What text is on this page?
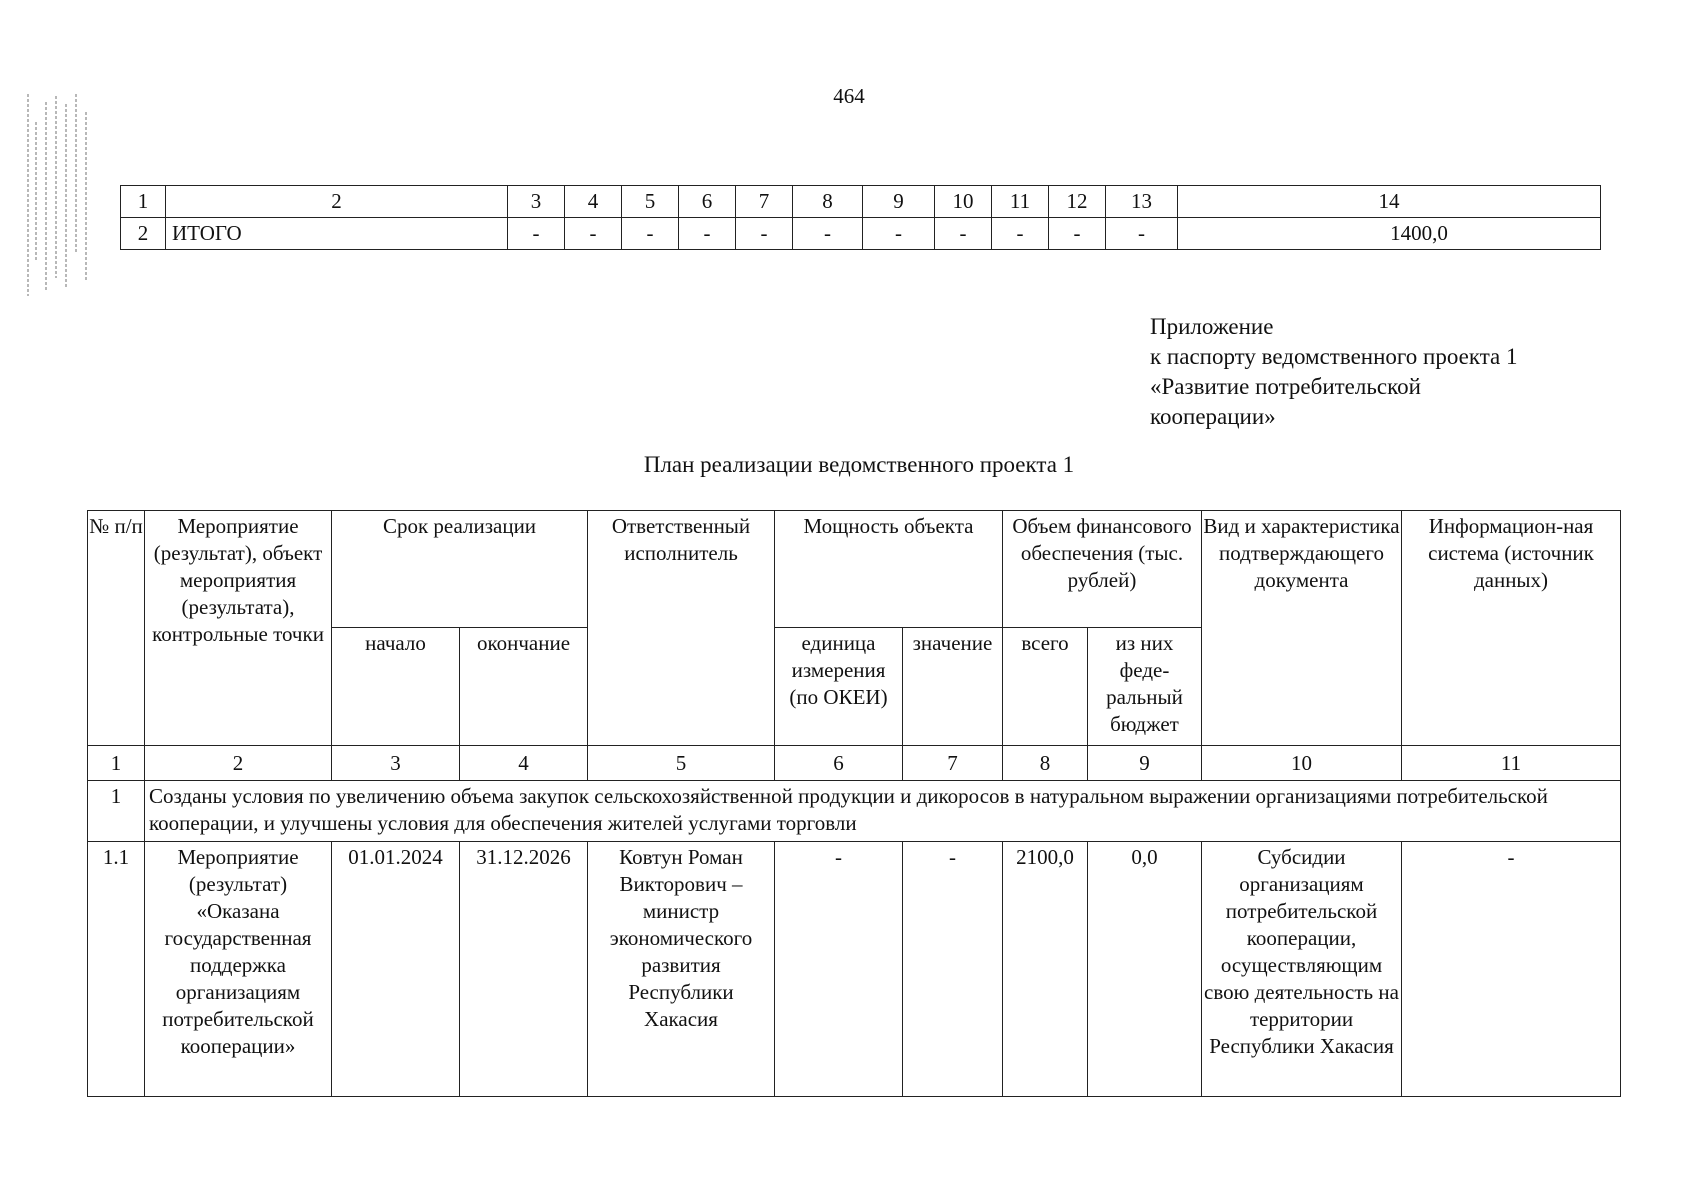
464
1	2	3	4	5	6	7	8	9	10	11	12	13	14
2	ИТОГО	-	-	-	-	-	-	-	-	-	-	-	1400,0
Приложение
к паспорту ведомственного проекта 1
«Развитие потребительской
кооперации»
План реализации ведомственного проекта 1
№ п/п	Мероприятие (результат), объект мероприятия (результата), контрольные точки	Срок реализации		Ответственный исполнитель	Мощность объекта		Объем финансового обеспечения (тыс. рублей)		Вид и характеристика подтверждающего документа	Информацион-ная система (источник данных)
		начало	окончание		единица измерения (по ОКЕИ)	значение	всего	из них феде-ральный бюджет		
1	2	3	4	5	6	7	8	9	10	11
1	Созданы условия по увеличению объема закупок сельскохозяйственной продукции и дикоросов в натуральном выражении организациями потребительской кооперации, и улучшены условия для обеспечения жителей услугами торговли									
1.1	Мероприятие (результат) «Оказана государственная поддержка организациям потребительской кооперации»	01.01.2024	31.12.2026	Ковтун Роман Викторович – министр экономического развития Республики Хакасия	-	-	2100,0	0,0	Субсидии организациям потребительской кооперации, осуществляющим свою деятельность на территории Республики Хакасия	-
